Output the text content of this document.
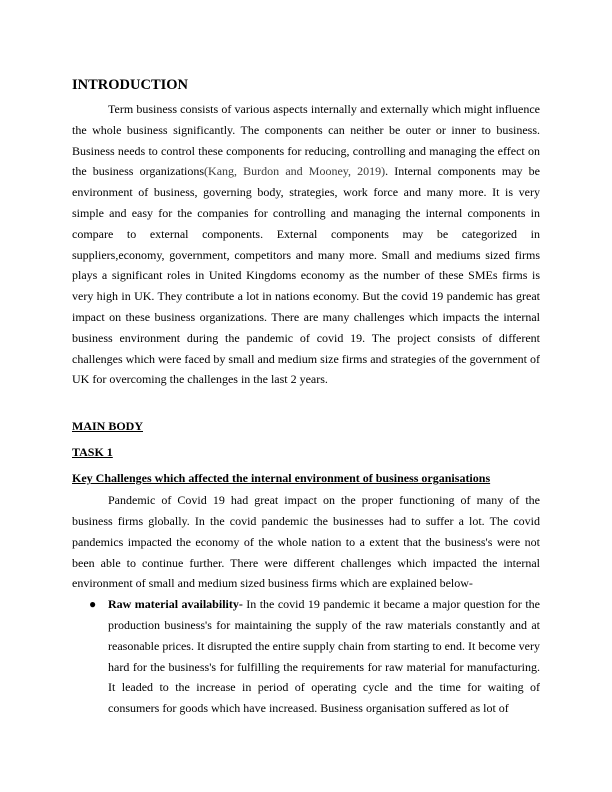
INTRODUCTION

Term business consists of various aspects internally and externally which might influence the whole business significantly. The components can neither be outer or inner to business. Business needs to control these components for reducing, controlling and managing the effect on the business organizations(Kang, Burdon and Mooney, 2019). Internal components may be environment of business, governing body, strategies, work force and many more. It is very simple and easy for the companies for controlling and managing the internal components in compare to external components. External components may be categorized in suppliers,economy, government, competitors and many more. Small and mediums sized firms plays a significant roles in United Kingdoms economy as the number of these SMEs firms is very high in UK. They contribute a lot in nations economy. But the covid 19 pandemic has great impact on these business organizations. There are many challenges which impacts the internal business environment during the pandemic of covid 19. The project consists of different challenges which were faced by small and medium size firms and strategies of the government of UK for overcoming the challenges in the last 2 years.

MAIN BODY
TASK 1
Key Challenges which affected the internal environment of business organisations

Pandemic of Covid 19 had great impact on the proper functioning of many of the business firms globally. In the covid pandemic the businesses had to suffer a lot. The covid pandemics impacted the economy of the whole nation to a extent that the business's were not been able to continue further. There were different challenges which impacted the internal environment of small and medium sized business firms which are explained below-

● Raw material availability- In the covid 19 pandemic it became a major question for the production business's for maintaining the supply of the raw materials constantly and at reasonable prices. It disrupted the entire supply chain from starting to end. It become very hard for the business's for fulfilling the requirements for raw material for manufacturing. It leaded to the increase in period of operating cycle and the time for waiting of consumers for goods which have increased. Business organisation suffered as lot of
